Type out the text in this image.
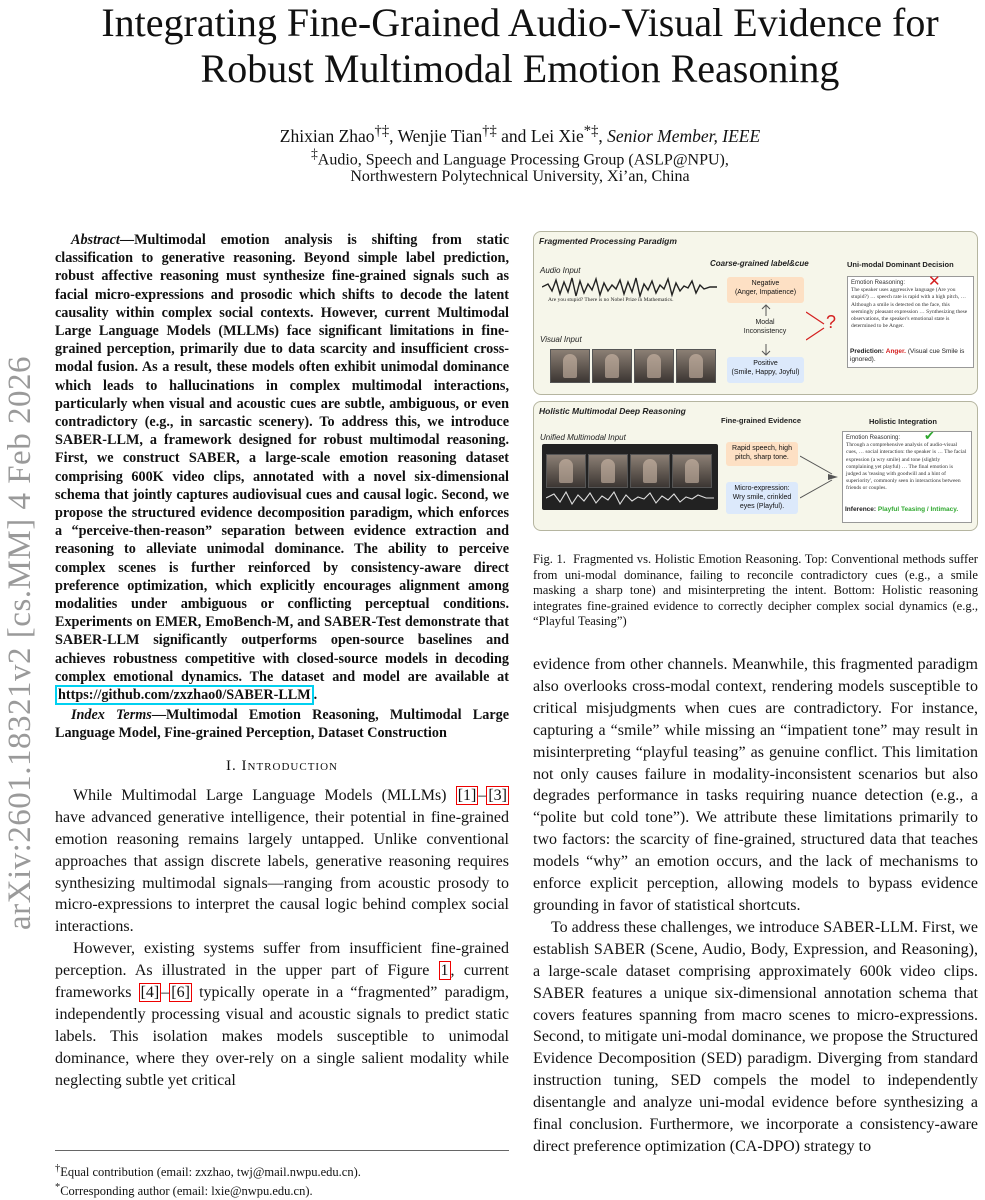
arXiv:2601.18321v2 [cs.MM] 4 Feb 2026
Integrating Fine-Grained Audio-Visual Evidence for
Robust Multimodal Emotion Reasoning
Zhixian Zhao†‡, Wenjie Tian†‡ and Lei Xie*‡, Senior Member, IEEE
‡Audio, Speech and Language Processing Group (ASLP@NPU),
Northwestern Polytechnical University, Xi’an, China
Abstract—Multimodal emotion analysis is shifting from static classification to generative reasoning. Beyond simple label prediction, robust affective reasoning must synthesize fine-grained signals such as facial micro-expressions and prosodic which shifts to decode the latent causality within complex social contexts. However, current Multimodal Large Language Models (MLLMs) face significant limitations in fine-grained perception, primarily due to data scarcity and insufficient cross-modal fusion. As a result, these models often exhibit unimodal dominance which leads to hallucinations in complex multimodal interactions, particularly when visual and acoustic cues are subtle, ambiguous, or even contradictory (e.g., in sarcastic scenery). To address this, we introduce SABER-LLM, a framework designed for robust multimodal reasoning. First, we construct SABER, a large-scale emotion reasoning dataset comprising 600K video clips, annotated with a novel six-dimensional schema that jointly captures audiovisual cues and causal logic. Second, we propose the structured evidence decomposition paradigm, which enforces a “perceive-then-reason” separation between evidence extraction and reasoning to alleviate unimodal dominance. The ability to perceive complex scenes is further reinforced by consistency-aware direct preference optimization, which explicitly encourages alignment among modalities under ambiguous or conflicting perceptual conditions. Experiments on EMER, EmoBench-M, and SABER-Test demonstrate that SABER-LLM significantly outperforms open-source baselines and achieves robustness competitive with closed-source models in decoding complex emotional dynamics. The dataset and model are available at https://github.com/zxzhao0/SABER-LLM .
Index Terms—Multimodal Emotion Reasoning, Multimodal Large Language Model, Fine-grained Perception, Dataset Construction
I. Introduction

While Multimodal Large Language Models (MLLMs) [1] – [3] have advanced generative intelligence, their potential in fine-grained emotion reasoning remains largely untapped. Unlike conventional approaches that assign discrete labels, generative reasoning requires synthesizing multimodal signals—ranging from acoustic prosody to micro-expressions to interpret the causal logic behind complex social interactions.

However, existing systems suffer from insufficient fine-grained perception. As illustrated in the upper part of Figure 1 , current frameworks [4] – [6] typically operate in a “fragmented” paradigm, independently processing visual and acoustic signals to predict static labels. This isolation makes models susceptible to unimodal dominance, where they over-rely on a single salient modality while neglecting subtle yet critical

†Equal contribution (email: zxzhao, twj@mail.nwpu.edu.cn).
*Corresponding author (email: lxie@nwpu.edu.cn).
Fragmented Processing Paradigm
Audio Input
Are you stupid? There is no Nobel Prize in Mathematics.
Visual Input
Coarse-grained label&cue
Negative
(Anger, Impatience)
Modal Inconsistency
Positive
(Smile, Happy, Joyful)
?
Uni-modal Dominant Decision
Emotion Reasoning:
The speaker uses aggressive language (Are you stupid?) … speech rate is rapid with a high pitch, … Although a smile is detected on the face, this seemingly pleasant expression … Synthesizing these observations, the speaker's emotional state is determined to be Anger.
✕
Prediction: Anger. (Visual cue Smile is ignored).
Holistic Multimodal Deep Reasoning
Unified Multimodal Input
Fine-grained Evidence
Rapid speech, high pitch, sharp tone.
Micro-expression: Wry smile, crinkled eyes (Playful).
Holistic Integration
Emotion Reasoning:
Through a comprehensive analysis of audio-visual cues, … social interaction: the speaker is … The facial expression (a wry smile) and tone (slightly complaining yet playful) … The final emotion is judged as 'teasing with goodwill and a hint of superiority', commonly seen in interactions between friends or couples.
✔
Inference: Playful Teasing / Intimacy.
Fig. 1. Fragmented vs. Holistic Emotion Reasoning. Top: Conventional methods suffer from uni-modal dominance, failing to reconcile contradictory cues (e.g., a smile masking a sharp tone) and misinterpreting the intent. Bottom: Holistic reasoning integrates fine-grained evidence to correctly decipher complex social dynamics (e.g., “Playful Teasing”)

evidence from other channels. Meanwhile, this fragmented paradigm also overlooks cross-modal context, rendering models susceptible to critical misjudgments when cues are contradictory. For instance, capturing a “smile” while missing an “impatient tone” may result in misinterpreting “playful teasing” as genuine conflict. This limitation not only causes failure in modality-inconsistent scenarios but also degrades performance in tasks requiring nuance detection (e.g., a “polite but cold tone”). We attribute these limitations primarily to two factors: the scarcity of fine-grained, structured data that teaches models “why” an emotion occurs, and the lack of mechanisms to enforce explicit perception, allowing models to bypass evidence grounding in favor of statistical shortcuts.

To address these challenges, we introduce SABER-LLM. First, we establish SABER (Scene, Audio, Body, Expression, and Reasoning), a large-scale dataset comprising approximately 600k video clips. SABER features a unique six-dimensional annotation schema that covers features spanning from macro scenes to micro-expressions. Second, to mitigate uni-modal dominance, we propose the Structured Evidence Decomposition (SED) paradigm. Diverging from standard instruction tuning, SED compels the model to independently disentangle and analyze uni-modal evidence before synthesizing a final conclusion. Furthermore, we incorporate a consistency-aware direct preference optimization (CA-DPO) strategy to
